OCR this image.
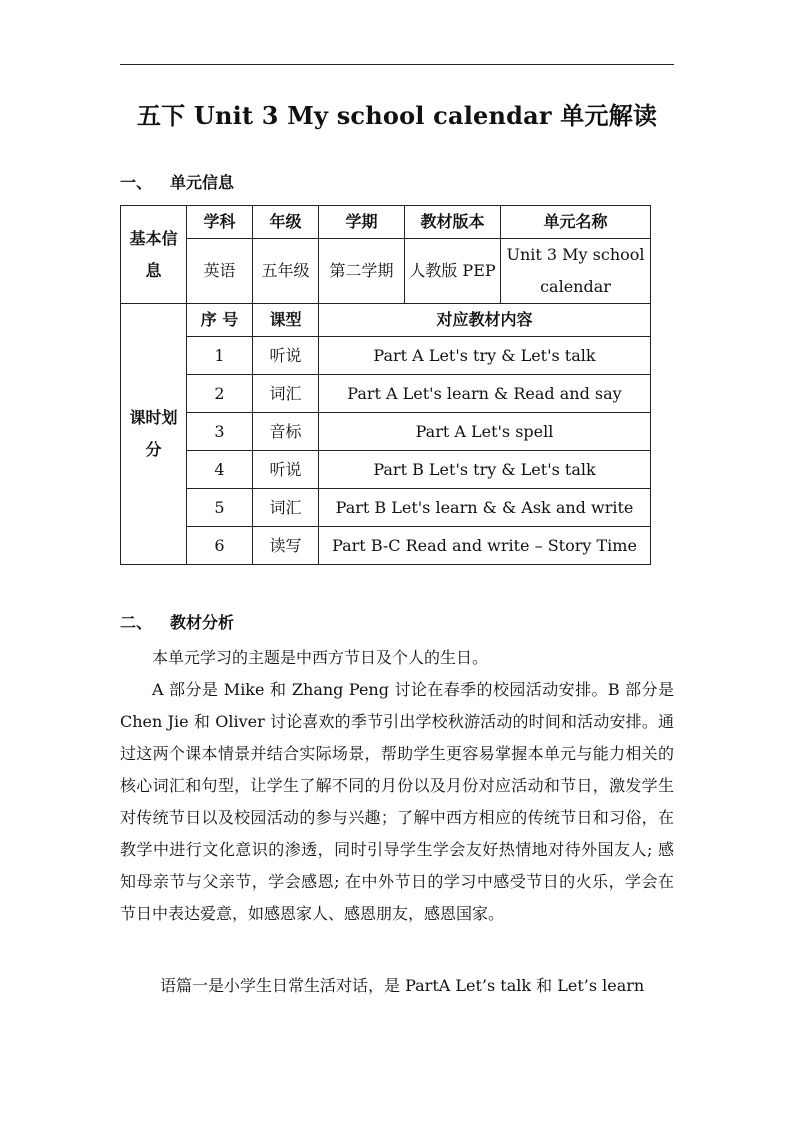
五下 Unit 3 My school calendar 单元解读
一、 单元信息
基本信息	学科	年级	学期	教材版本	单元名称
	英语	五年级	第二学期	人教版 PEP	Unit 3 My school calendar
课时划分	序 号	课型	对应教材内容		
	1	听说	Part A Let's try & Let's talk		
	2	词汇	Part A Let's learn & Read and say		
	3	音标	Part A Let's spell		
	4	听说	Part B Let's try & Let's talk		
	5	词汇	Part B Let's learn & & Ask and write		
	6	读写	Part B-C Read and write – Story Time		
二、 教材分析
本单元学习的主题是中西方节日及个人的生日。
A 部分是 Mike 和 Zhang Peng 讨论在春季的校园活动安排。B 部分是 Chen Jie 和 Oliver 讨论喜欢的季节引出学校秋游活动的时间和活动安排。通过这两个课本情景并结合实际场景，帮助学生更容易掌握本单元与能力相关的核心词汇和句型，让学生了解不同的月份以及月份对应活动和节日，激发学生对传统节日以及校园活动的参与兴趣；了解中西方相应的传统节日和习俗，在教学中进行文化意识的渗透，同时引导学生学会友好热情地对待外国友人; 感知母亲节与父亲节，学会感恩; 在中外节日的学习中感受节日的火乐，学会在节日中表达爱意，如感恩家人、感恩朋友，感恩国家。
语篇一是小学生日常生活对话，是 PartA Let’s talk 和 Let’s learn
